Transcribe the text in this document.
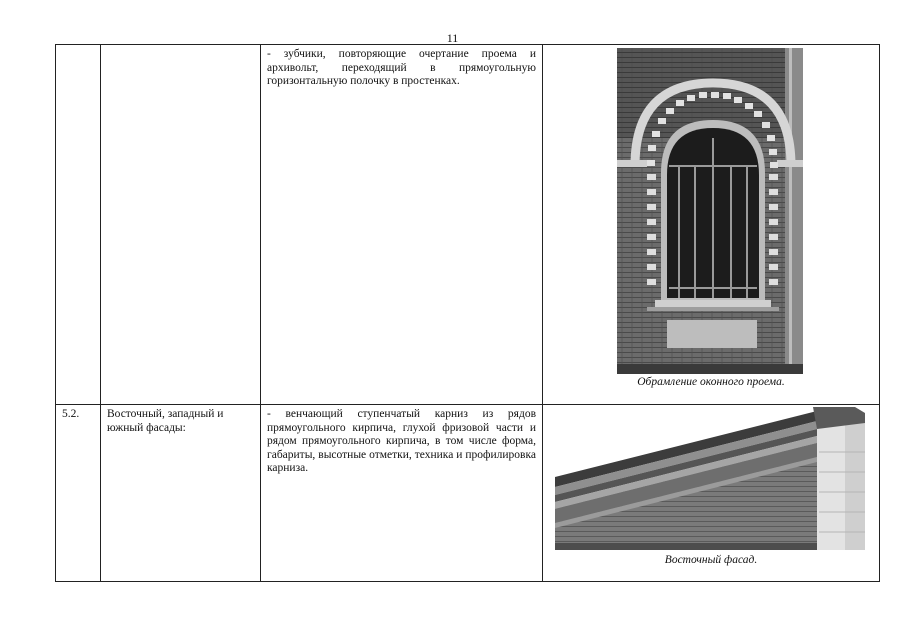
11

		- зубчики, повторяющие очертание проема и архивольт, переходящий в прямоугольную горизонтальную полочку в простенках.	Обрамление оконного проема.

5.2.	Восточный, западный и южный фасады:	- венчающий ступенчатый карниз из рядов прямоугольного кирпича, глухой фризовой части и рядом прямоугольного кирпича, в том числе форма, габариты, высотные отметки, техника и профилировка карниза.	Восточный фасад.
